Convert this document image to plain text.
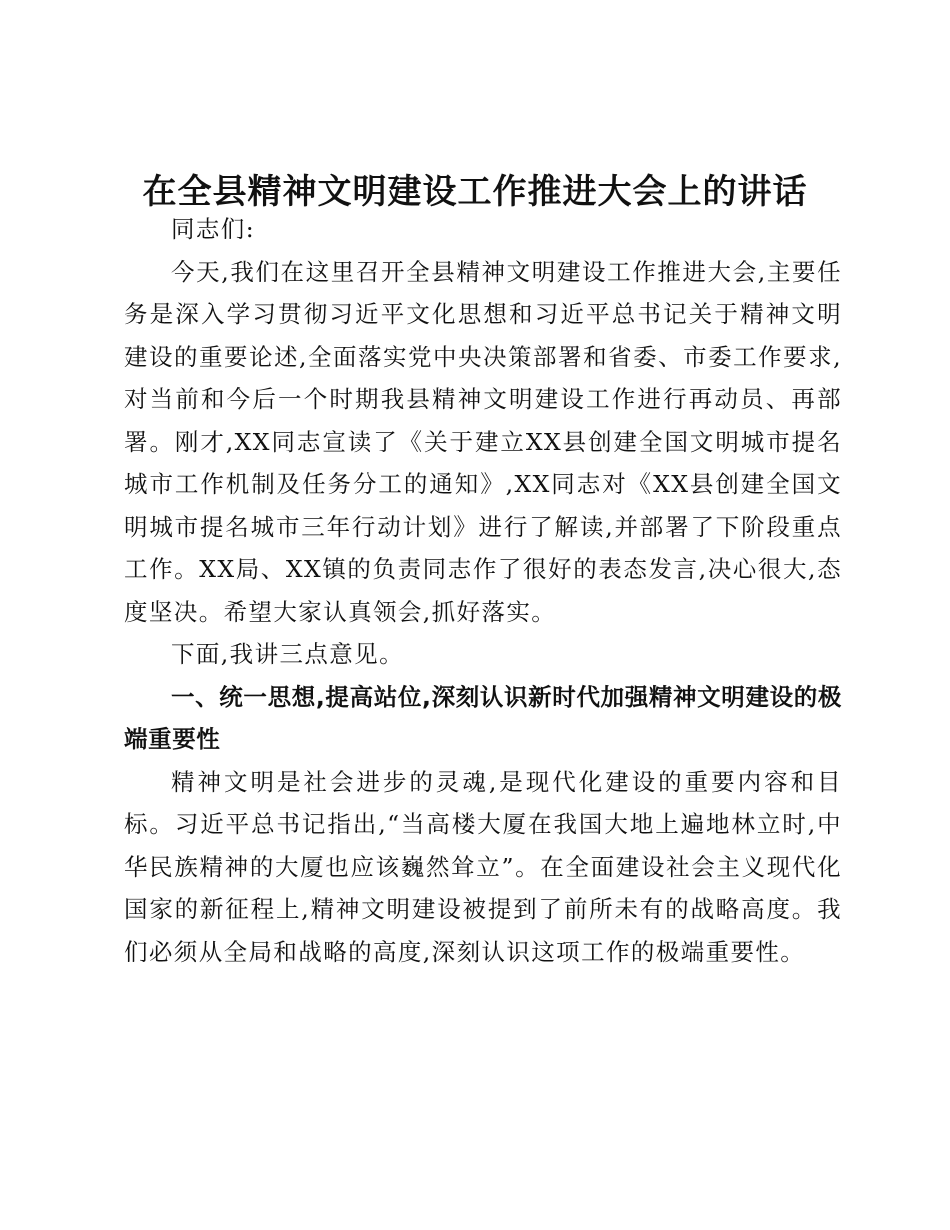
在全县精神文明建设工作推进大会上的讲话

同志们:

今天,我们在这里召开全县精神文明建设工作推进大会,主要任务是深入学习贯彻习近平文化思想和习近平总书记关于精神文明建设的重要论述,全面落实党中央决策部署和省委、市委工作要求,对当前和今后一个时期我县精神文明建设工作进行再动员、再部署。刚才,XX同志宣读了《关于建立XX县创建全国文明城市提名城市工作机制及任务分工的通知》,XX同志对《XX县创建全国文明城市提名城市三年行动计划》进行了解读,并部署了下阶段重点工作。XX局、XX镇的负责同志作了很好的表态发言,决心很大,态度坚决。希望大家认真领会,抓好落实。

下面,我讲三点意见。

一、统一思想,提高站位,深刻认识新时代加强精神文明建设的极端重要性

精神文明是社会进步的灵魂,是现代化建设的重要内容和目标。习近平总书记指出,“当高楼大厦在我国大地上遍地林立时,中华民族精神的大厦也应该巍然耸立”。在全面建设社会主义现代化国家的新征程上,精神文明建设被提到了前所未有的战略高度。我们必须从全局和战略的高度,深刻认识这项工作的极端重要性。
